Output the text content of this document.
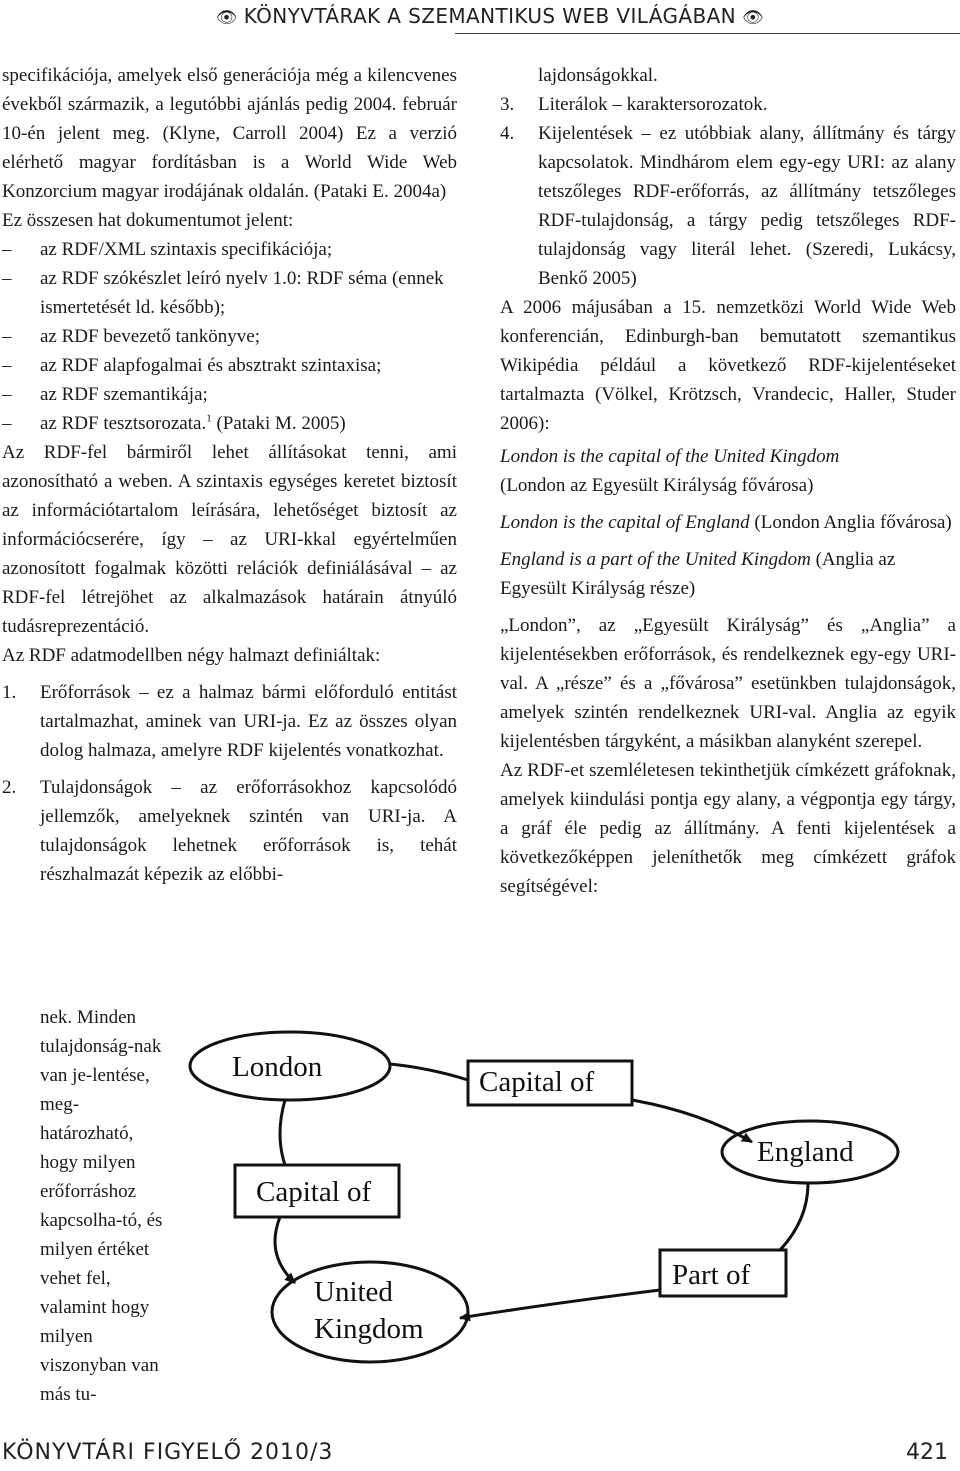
👁 KÖNYVTÁRAK A SZEMANTIKUS WEB VILÁGÁBAN 👁

specifikációja, amelyek első generációja még a kilencvenes évekből származik, a legutóbbi ajánlás pedig 2004. február 10-én jelent meg. (Klyne, Carroll 2004) Ez a verzió elérhető magyar fordításban is a World Wide Web Konzorcium magyar irodájának oldalán. (Pataki E. 2004a)

Ez összesen hat dokumentumot jelent:

– az RDF/XML szintaxis specifikációja;
– az RDF szókészlet leíró nyelv 1.0: RDF séma (ennek ismertetését ld. később);
– az RDF bevezető tankönyve;
– az RDF alapfogalmai és absztrakt szintaxisa;
– az RDF szemantikája;
– az RDF tesztsorozata.$^1$ (Pataki M. 2005)

Az RDF-fel bármiről lehet állításokat tenni, ami azonosítható a weben. A szintaxis egységes keretet biztosít az információtartalom leírására, lehetőséget biztosít az információcserére, így – az URI-kkal egyértelműen azonosított fogalmak közötti relációk definiálásával – az RDF-fel létrejöhet az alkalmazások határain átnyúló tudásreprezentáció.

Az RDF adatmodellben négy halmazt definiáltak:

1. Erőforrások – ez a halmaz bármi előforduló entitást tartalmazhat, aminek van URI-ja. Ez az összes olyan dolog halmaza, amelyre RDF kijelentés vonatkozhat.
2. Tulajdonságok – az erőforrásokhoz kapcsolódó jellemzők, amelyeknek szintén van URI-ja. A tulajdonságok lehetnek erőforrások is, tehát részhalmazát képezik az előbbi-

nek. Minden tulajdonság-nak van je-lentése, meg-határozható, hogy milyen erőforráshoz kapcsolha-tó, és milyen értéket vehet fel, valamint hogy milyen viszonyban van más tu-

lajdonságokkal.

3. Literálok – karaktersorozatok.
4. Kijelentések – ez utóbbiak alany, állítmány és tárgy kapcsolatok. Mindhárom elem egy-egy URI: az alany tetszőleges RDF-erőforrás, az állítmány tetszőleges RDF-tulajdonság, a tárgy pedig tetszőleges RDF-tulajdonság vagy literál lehet. (Szeredi, Lukácsy, Benkő 2005)

A 2006 májusában a 15. nemzetközi World Wide Web konferencián, Edinburgh-ban bemutatott szemantikus Wikipédia például a következő RDF-kijelentéseket tartalmazta (Völkel, Krötzsch, Vrandecic, Haller, Studer 2006):

London is the capital of the United Kingdom
(London az Egyesült Királyság fővárosa)

London is the capital of England (London Anglia fővárosa)

England is a part of the United Kingdom (Anglia az Egyesült Királyság része)

„London”, az „Egyesült Királyság” és „Anglia” a kijelentésekben erőforrások, és rendelkeznek egy-egy URI-val. A „része” és a „fővárosa” esetünkben tulajdonságok, amelyek szintén rendelkeznek URI-val. Anglia az egyik kijelentésben tárgyként, a másikban alanyként szerepel.

Az RDF-et szemléletesen tekinthetjük címkézett gráfoknak, amelyek kiindulási pontja egy alany, a végpontja egy tárgy, a gráf éle pedig az állítmány. A fenti kijelentések a következőképpen jeleníthetők meg címkézett gráfok segítségével:

London
England
United
Kingdom
Capital of
Capital of
Part of
KÖNYVTÁRI FIGYELŐ 2010/3	421
